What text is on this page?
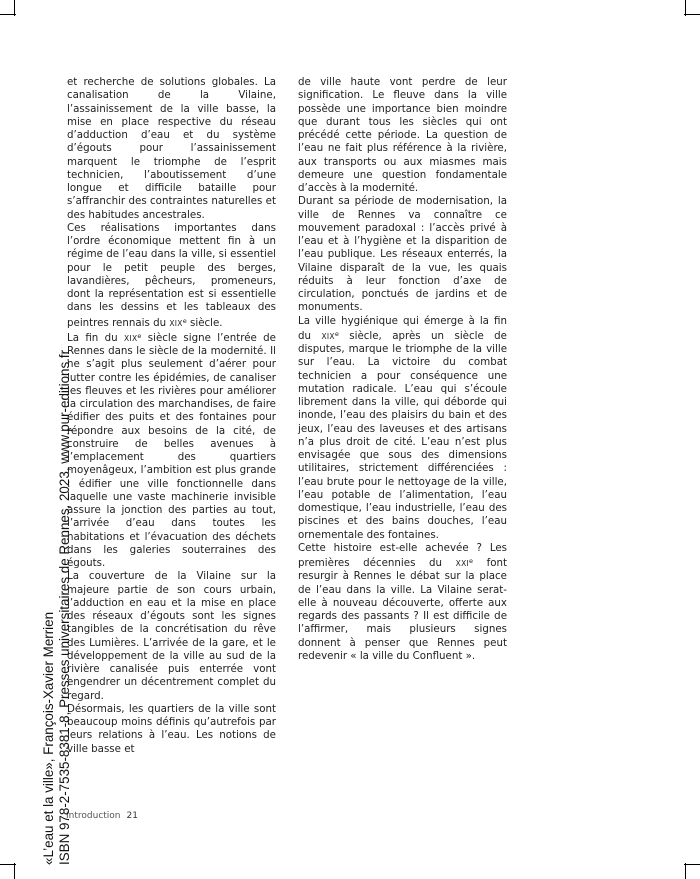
et recherche de solutions globales. La canalisation de la Vilaine, l’assainissement de la ville basse, la mise en place respective du réseau d’adduction d’eau et du système d’égouts pour l’assainissement marquent le triomphe de l’esprit technicien, l’aboutissement d’une longue et difficile bataille pour s’affranchir des contraintes naturelles et des habitudes ancestrales.

Ces réalisations importantes dans l’ordre économique mettent fin à un régime de l’eau dans la ville, si essentiel pour le petit peuple des berges, lavandières, pêcheurs, promeneurs, dont la représentation est si essentielle dans les dessins et les tableaux des peintres rennais du XIXe siècle.

La fin du XIXe siècle signe l’entrée de Rennes dans le siècle de la modernité. Il ne s’agit plus seulement d’aérer pour lutter contre les épidémies, de canaliser les fleuves et les rivières pour améliorer la circulation des marchandises, de faire édifier des puits et des fontaines pour répondre aux besoins de la cité, de construire de belles avenues à l’emplacement des quartiers moyenâgeux, l’ambition est plus grande : édifier une ville fonctionnelle dans laquelle une vaste machinerie invisible assure la jonction des parties au tout, l’arrivée d’eau dans toutes les habitations et l’évacuation des déchets dans les galeries souterraines des égouts.

La couverture de la Vilaine sur la majeure partie de son cours urbain, l’adduction en eau et la mise en place des réseaux d’égouts sont les signes tangibles de la concrétisation du rêve des Lumières. L’arrivée de la gare, et le développement de la ville au sud de la rivière canalisée puis enterrée vont engendrer un décentrement complet du regard.

Désormais, les quartiers de la ville sont beaucoup moins définis qu’autrefois par leurs relations à l’eau. Les notions de ville basse et

de ville haute vont perdre de leur signification. Le fleuve dans la ville possède une importance bien moindre que durant tous les siècles qui ont précédé cette période. La question de l’eau ne fait plus référence à la rivière, aux transports ou aux miasmes mais demeure une question fondamentale d’accès à la modernité.

Durant sa période de modernisation, la ville de Rennes va connaître ce mouvement paradoxal : l’accès privé à l’eau et à l’hygiène et la disparition de l’eau publique. Les réseaux enterrés, la Vilaine disparaît de la vue, les quais réduits à leur fonction d’axe de circulation, ponctués de jardins et de monuments.

La ville hygiénique qui émerge à la fin du XIXe siècle, après un siècle de disputes, marque le triomphe de la ville sur l’eau. La victoire du combat technicien a pour conséquence une mutation radicale. L’eau qui s’écoule librement dans la ville, qui déborde qui inonde, l’eau des plaisirs du bain et des jeux, l’eau des laveuses et des artisans n’a plus droit de cité. L’eau n’est plus envisagée que sous des dimensions utilitaires, strictement différenciées : l’eau brute pour le nettoyage de la ville, l’eau potable de l’alimentation, l’eau domestique, l’eau industrielle, l’eau des piscines et des bains douches, l’eau ornementale des fontaines.

Cette histoire est-elle achevée ? Les premières décennies du XXIe font resurgir à Rennes le débat sur la place de l’eau dans la ville. La Vilaine serat-elle à nouveau découverte, offerte aux regards des passants ? Il est difficile de l’affirmer, mais plusieurs signes donnent à penser que Rennes peut redevenir « la ville du Confluent ».

Introduction 21
«L’eau et la ville», François-Xavier Merrien ISBN 978-2-7535-8381-8, Presses universitaires de Rennes, 2023, www.pur-editions.fr
